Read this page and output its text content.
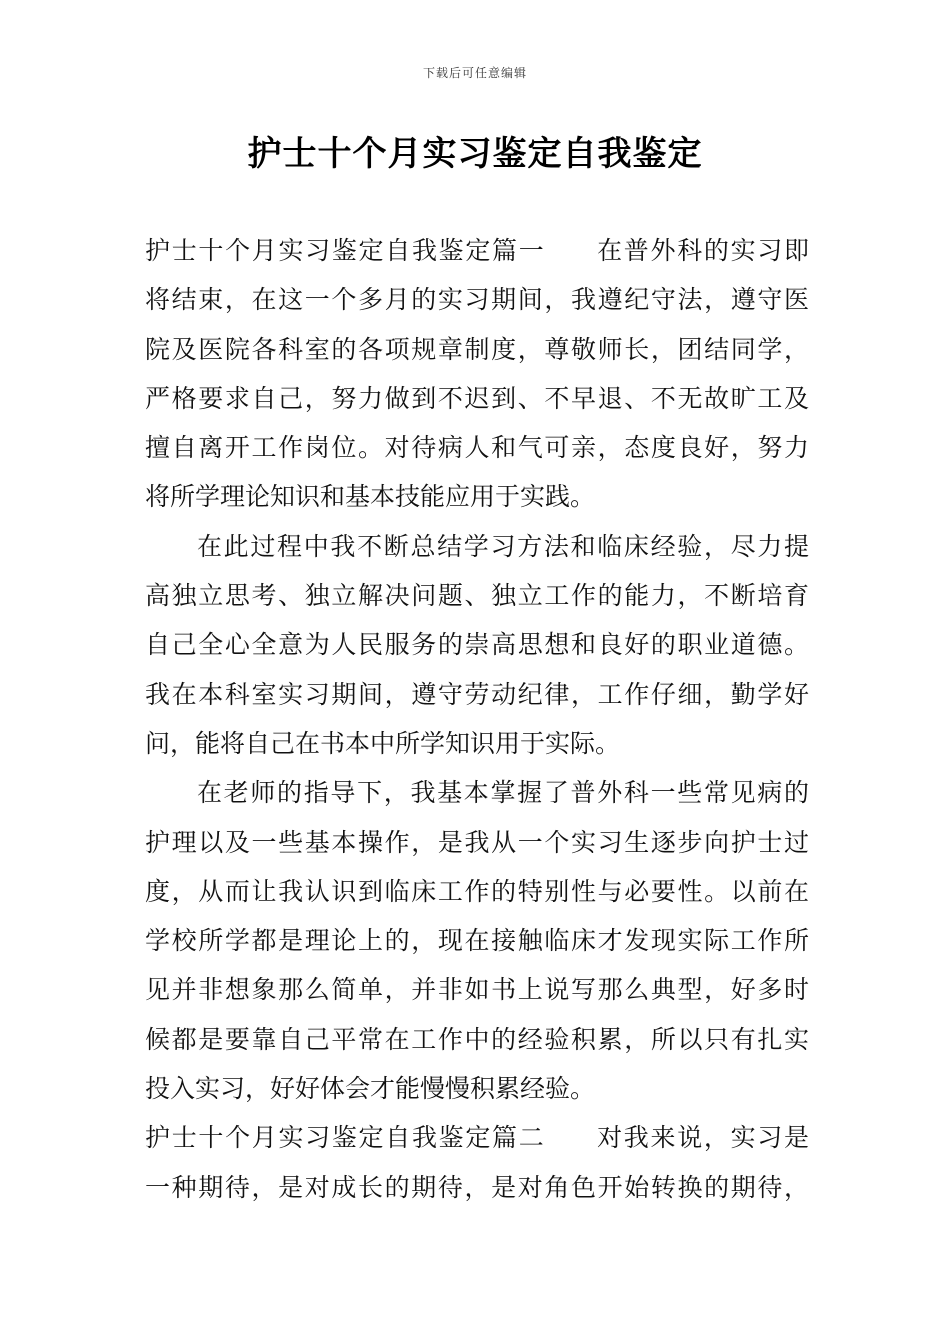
下载后可任意编辑
护士十个月实习鉴定自我鉴定
护士十个月实习鉴定自我鉴定篇一 在普外科的实习即
将结束，在这一个多月的实习期间，我遵纪守法，遵守医
院及医院各科室的各项规章制度，尊敬师长，团结同学，
严格要求自己，努力做到不迟到、不早退、不无故旷工及
擅自离开工作岗位。对待病人和气可亲，态度良好，努力
将所学理论知识和基本技能应用于实践。
在此过程中我不断总结学习方法和临床经验，尽力提
高独立思考、独立解决问题、独立工作的能力，不断培育
自己全心全意为人民服务的崇高思想和良好的职业道德。
我在本科室实习期间，遵守劳动纪律，工作仔细，勤学好
问，能将自己在书本中所学知识用于实际。
在老师的指导下，我基本掌握了普外科一些常见病的
护理以及一些基本操作，是我从一个实习生逐步向护士过
度，从而让我认识到临床工作的特别性与必要性。以前在
学校所学都是理论上的，现在接触临床才发现实际工作所
见并非想象那么简单，并非如书上说写那么典型，好多时
候都是要靠自己平常在工作中的经验积累，所以只有扎实
投入实习，好好体会才能慢慢积累经验。
护士十个月实习鉴定自我鉴定篇二 对我来说，实习是
一种期待，是对成长的期待，是对角色开始转换的期待，
